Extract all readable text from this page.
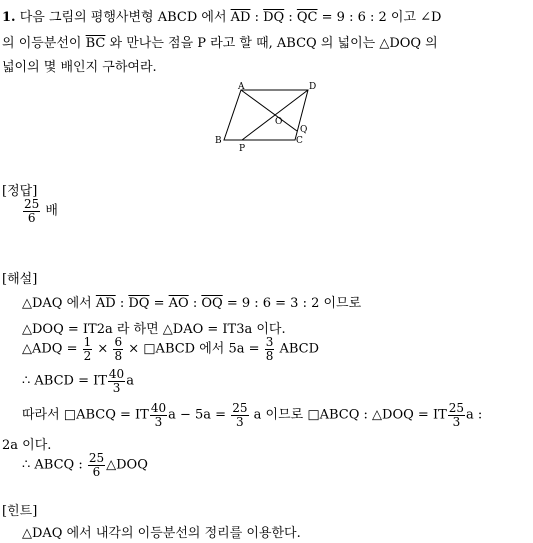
1. 다음 그림의 평행사변형 ABCD 에서 $\overline{AD}$ : $\overline{DQ}$ : $\overline{QC} = 9$ : 6 : 2 이고 ∠D
의 이등분선이 $\overline{BC}$ 와 만나는 점을 P 라고 할 때, ABCQ 의 넓이는 △DOQ 의
넓이의 몇 배인지 구하여라.
A	D
B	C
P
Q
O
[정답]
$\frac{25}{6}$ 배
[해설]
△DAQ 에서 $\overline{AD}$ : $\overline{DQ} = \overline{AO}$ : $\overline{OQ} = 9$ : 6 = 3 : 2 이므로
△DOQ = IT2a 라 하면 △DAO = IT3a 이다.
△ADQ = $\frac{1}{2} \times \frac{6}{8}$ × □ABCD 에서 $5a = \frac{3}{8}$ ABCD
∴ ABCD = IT $\frac{40}{3}$ a
따라서 □ABCQ = IT $\frac{40}{3}$ $a - 5a = \frac{25}{3}$ a 이므로 □ABCQ : △DOQ = IT $\frac{25}{3}$ a :
2a 이다.
∴ ABCQ : $\frac{25}{6}$ △DOQ
[힌트]
△DAQ 에서 내각의 이등분선의 정리를 이용한다.
